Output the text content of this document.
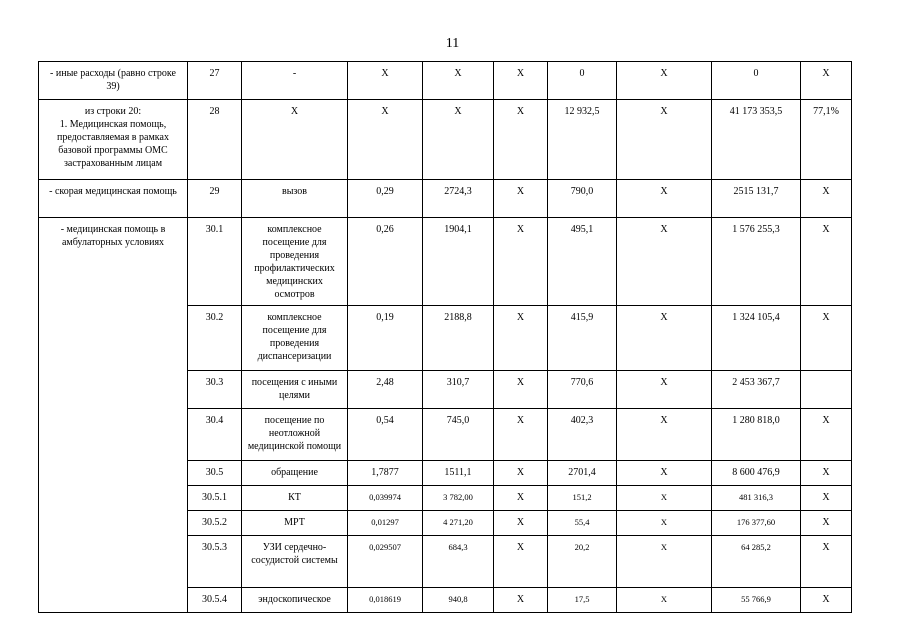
11
- иные расходы (равно строке 39)	27	-	Х	Х	Х	0	Х	0	Х
из строки 20:
1. Медицинская помощь, предоставляемая в рамках базовой программы ОМС застрахованным лицам	28	Х	Х	Х	Х	12 932,5	Х	41 173 353,5	77,1%
- скорая медицинская помощь	29	вызов	0,29	2724,3	Х	790,0	Х	2515 131,7	Х
- медицинская помощь в амбулаторных условиях	30.1	комплексное посещение для проведения профилактических медицинских осмотров	0,26	1904,1	Х	495,1	Х	1 576 255,3	Х
	30.2	комплексное посещение для проведения диспансеризации	0,19	2188,8	Х	415,9	Х	1 324 105,4	Х
	30.3	посещения с иными целями	2,48	310,7	Х	770,6	Х	2 453 367,7	
	30.4	посещение по неотложной медицинской помощи	0,54	745,0	Х	402,3	Х	1 280 818,0	Х
	30.5	обращение	1,7877	1511,1	Х	2701,4	Х	8 600 476,9	Х
	30.5.1	КТ	0,039974	3 782,00	Х	151,2	Х	481 316,3	Х
	30.5.2	МРТ	0,01297	4 271,20	Х	55,4	Х	176 377,60	Х
	30.5.3	УЗИ сердечно-сосудистой системы	0,029507	684,3	Х	20,2	Х	64 285,2	Х
	30.5.4	эндоскопическое	0,018619	940,8	Х	17,5	Х	55 766,9	Х
